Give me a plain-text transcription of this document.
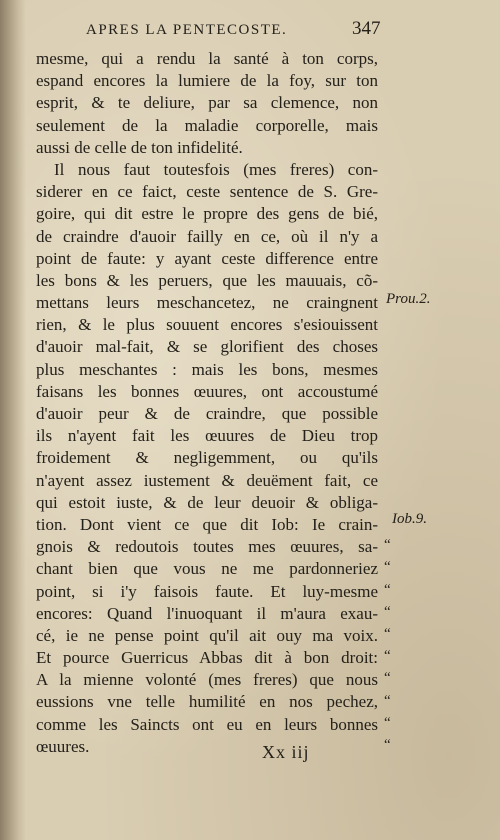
APRES LA PENTECOSTE.	347
mesme, qui a rendu la santé à ton corps,
espand encores la lumiere de la foy, sur ton
esprit, & te deliure, par sa clemence, non
seulement de la maladie corporelle, mais
aussi de celle de ton infidelité.
Il nous faut toutesfois (mes freres) con-
siderer en ce faict, ceste sentence de S. Gre-
goire, qui dit estre le propre des gens de bié,
de craindre d'auoir failly en ce, où il n'y a
point de faute: y ayant ceste difference entre
les bons & les peruers, que les mauuais, cõ-
mettans leurs meschancetez, ne craingnent
rien, & le plus souuent encores s'esiouissent
d'auoir mal-fait, & se glorifient des choses
plus meschantes : mais les bons, mesmes
faisans les bonnes œuures, ont accoustumé
d'auoir peur & de craindre, que possible
ils n'ayent fait les œuures de Dieu trop
froidement & negligemment, ou qu'ils
n'ayent assez iustement & deuëment fait, ce
qui estoit iuste, & de leur deuoir & obliga-
tion. Dont vient ce que dit Iob: Ie crain-
gnois & redoutois toutes mes œuures, sa-
chant bien que vous ne me pardonneriez
point, si i'y faisois faute. Et luy-mesme
encores: Quand l'inuoquant il m'aura exau-
cé, ie ne pense point qu'il ait ouy ma voix.
Et pource Guerricus Abbas dit à bon droit:
A la mienne volonté (mes freres) que nous
eussions vne telle humilité en nos pechez,
comme les Saincts ont eu en leurs bonnes
œuures.
Prou.2.
Iob.9.
“
“
“
“
“
“
“
“
“
“
Xx iij
